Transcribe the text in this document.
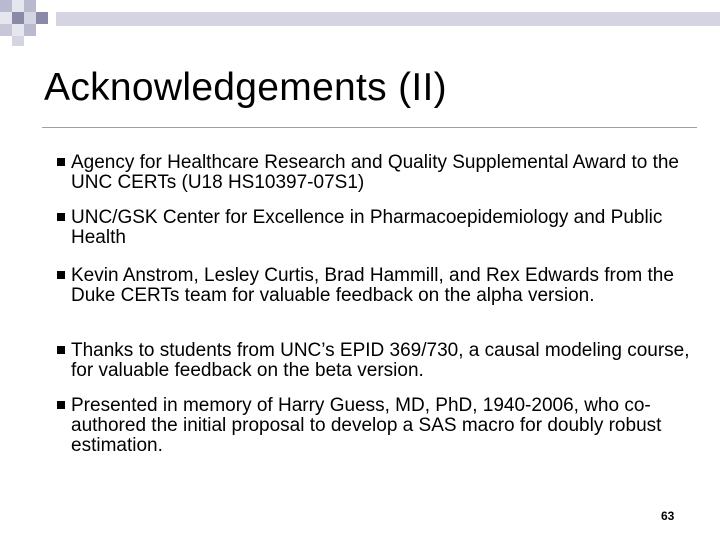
Acknowledgements (II)
Agency for Healthcare Research and Quality Supplemental Award to the UNC CERTs (U18 HS10397-07S1)
UNC/GSK Center for Excellence in Pharmacoepidemiology and Public Health
Kevin Anstrom, Lesley Curtis, Brad Hammill, and Rex Edwards from the Duke CERTs team for valuable feedback on the alpha version.
Thanks to students from UNC’s EPID 369/730, a causal modeling course, for valuable feedback on the beta version.
Presented in memory of Harry Guess, MD, PhD, 1940-2006, who co-authored the initial proposal to develop a SAS macro for doubly robust estimation.
63
